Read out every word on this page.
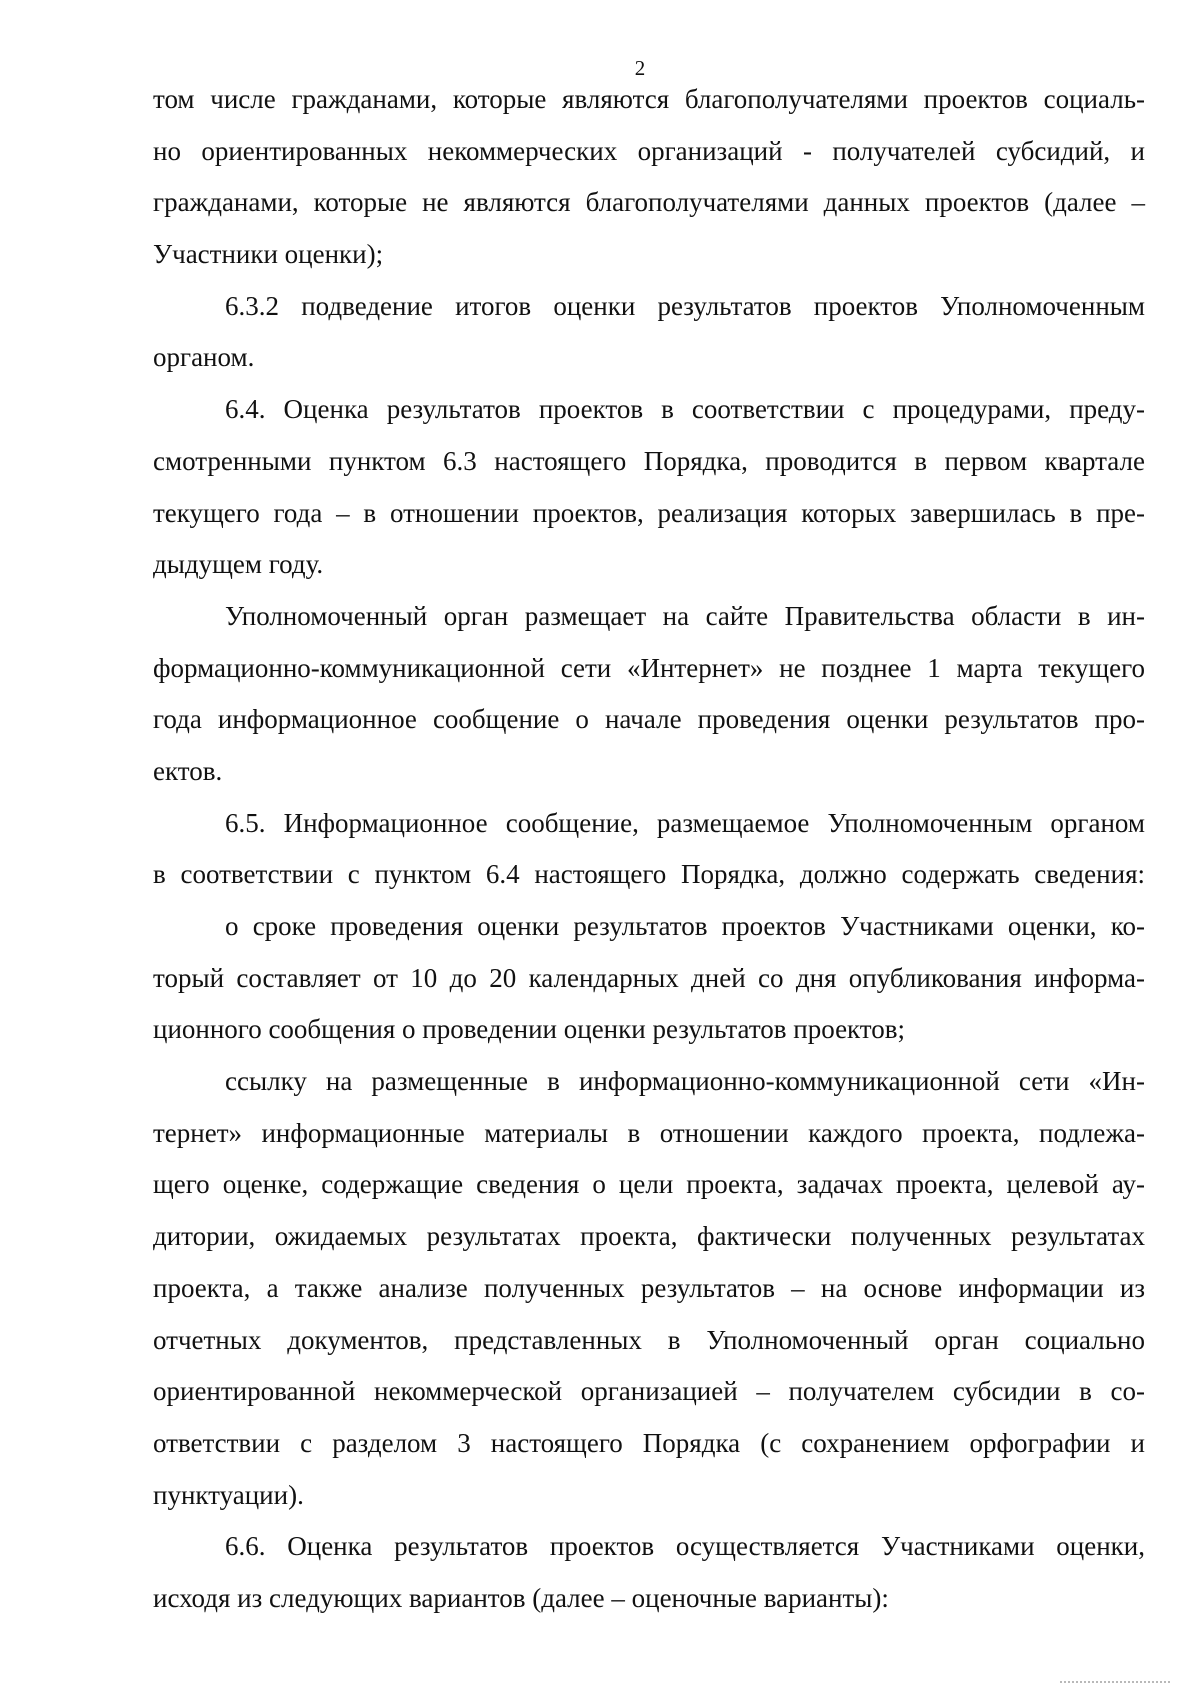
2
том числе гражданами, которые являются благополучателями проектов социаль-
но ориентированных некоммерческих организаций - получателей субсидий, и
гражданами, которые не являются благополучателями данных проектов (далее –
Участники оценки);
6.3.2 подведение итогов оценки результатов проектов Уполномоченным
органом.
6.4. Оценка результатов проектов в соответствии с процедурами, преду-
смотренными пунктом 6.3 настоящего Порядка, проводится в первом квартале
текущего года – в отношении проектов, реализация которых завершилась в пре-
дыдущем году.
Уполномоченный орган размещает на сайте Правительства области в ин-
формационно-коммуникационной сети «Интернет» не позднее 1 марта текущего
года информационное сообщение о начале проведения оценки результатов про-
ектов.
6.5. Информационное сообщение, размещаемое Уполномоченным органом
в соответствии с пунктом 6.4 настоящего Порядка, должно содержать сведения:
о сроке проведения оценки результатов проектов Участниками оценки, ко-
торый составляет от 10 до 20 календарных дней со дня опубликования информа-
ционного сообщения о проведении оценки результатов проектов;
ссылку на размещенные в информационно-коммуникационной сети «Ин-
тернет» информационные материалы в отношении каждого проекта, подлежа-
щего оценке, содержащие сведения о цели проекта, задачах проекта, целевой ау-
дитории, ожидаемых результатах проекта, фактически полученных результатах
проекта, а также анализе полученных результатов – на основе информации из
отчетных документов, представленных в Уполномоченный орган социально
ориентированной некоммерческой организацией – получателем субсидии в со-
ответствии с разделом 3 настоящего Порядка (с сохранением орфографии и
пунктуации).
6.6. Оценка результатов проектов осуществляется Участниками оценки,
исходя из следующих вариантов (далее – оценочные варианты):
